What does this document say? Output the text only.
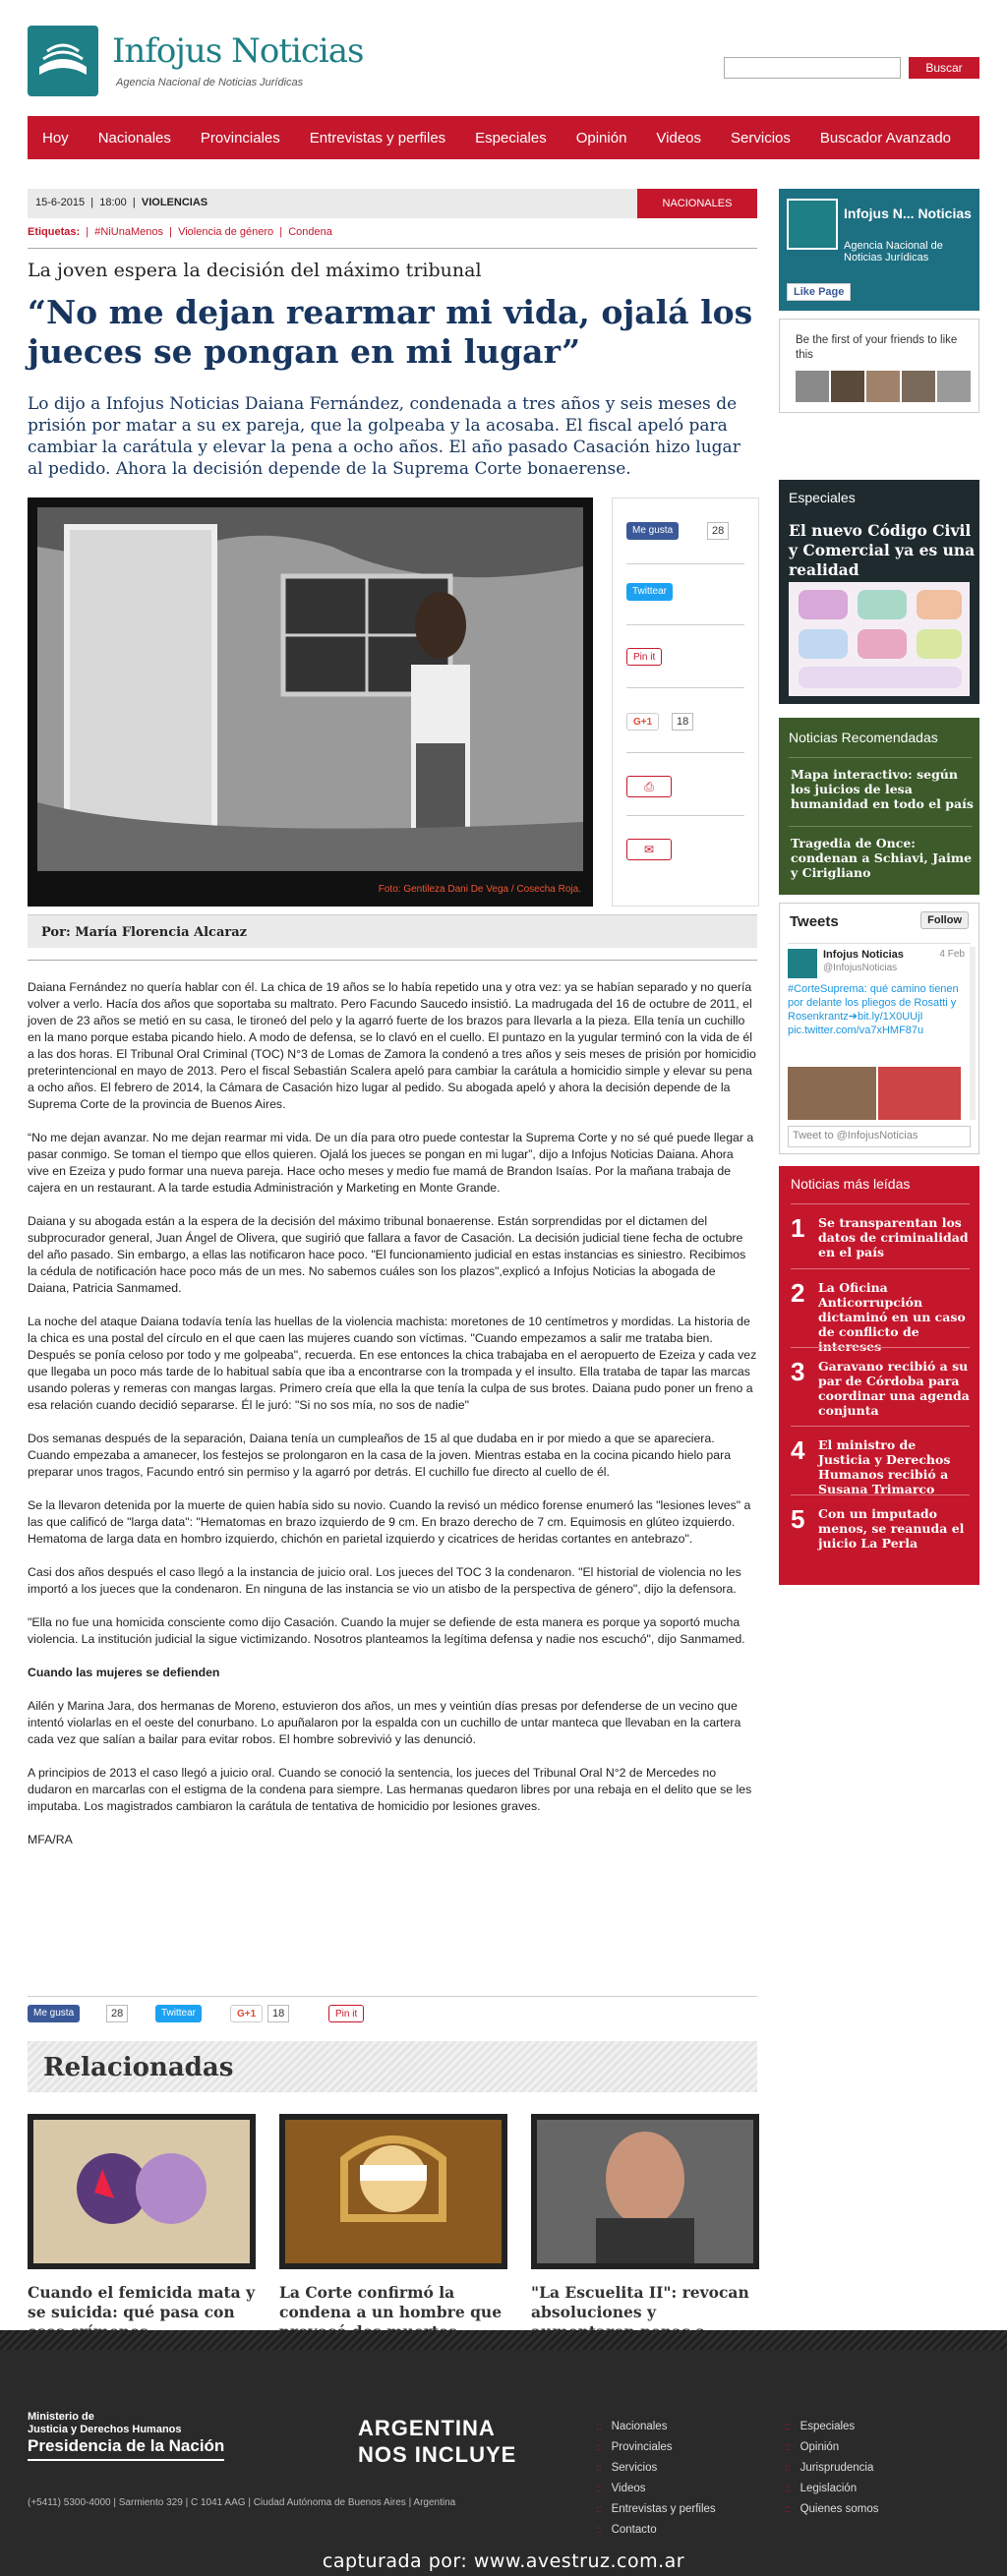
Infojus Noticias
Agencia Nacional de Noticias Jurídicas
Buscar
Hoy	Nacionales	Provinciales	Entrevistas y perfiles	Especiales	Opinión	Videos	Servicios	Buscador Avanzado
15-6-2015  |  18:00  |  VIOLENCIAS	NACIONALES
Etiquetas:  |  #NiUnaMenos  |  Violencia de género  |  Condena
La joven espera la decisión del máximo tribunal
“No me dejan rearmar mi vida, ojalá los jueces se pongan en mi lugar”
Lo dijo a Infojus Noticias Daiana Fernández, condenada a tres años y seis meses de prisión por matar a su ex pareja, que la golpeaba y la acosaba. El fiscal apeló para cambiar la carátula y elevar la pena a ocho años. El año pasado Casación hizo lugar al pedido. Ahora la decisión depende de la Suprema Corte bonaerense.
Foto: Gentileza Dani De Vega / Cosecha Roja.
Me gusta	28
Twittear
Pin it
G+1	18
⎙
✉
Por: María Florencia Alcaraz

Daiana Fernández no quería hablar con él. La chica de 19 años se lo había repetido una y otra vez: ya se habían separado y no quería volver a verlo. Hacía dos años que soportaba su maltrato. Pero Facundo Saucedo insistió. La madrugada del 16 de octubre de 2011, el joven de 23 años se metió en su casa, le tironeó del pelo y la agarró fuerte de los brazos para llevarla a la pieza. Ella tenía un cuchillo en la mano porque estaba picando hielo. A modo de defensa, se lo clavó en el cuello. El puntazo en la yugular terminó con la vida de él a las dos horas. El Tribunal Oral Criminal (TOC) N°3 de Lomas de Zamora la condenó a tres años y seis meses de prisión por homicidio preterintencional en mayo de 2013. Pero el fiscal Sebastián Scalera apeló para cambiar la carátula a homicidio simple y elevar su pena a ocho años. El febrero de 2014, la Cámara de Casación hizo lugar al pedido. Su abogada apeló y ahora la decisión depende de la Suprema Corte de la provincia de Buenos Aires.

“No me dejan avanzar. No me dejan rearmar mi vida. De un día para otro puede contestar la Suprema Corte y no sé qué puede llegar a pasar conmigo. Se toman el tiempo que ellos quieren. Ojalá los jueces se pongan en mi lugar”, dijo a Infojus Noticias Daiana. Ahora vive en Ezeiza y pudo formar una nueva pareja. Hace ocho meses y medio fue mamá de Brandon Isaías. Por la mañana trabaja de cajera en un restaurant. A la tarde estudia Administración y Marketing en Monte Grande.

Daiana y su abogada están a la espera de la decisión del máximo tribunal bonaerense. Están sorprendidas por el dictamen del subprocurador general, Juan Ángel de Olivera, que sugirió que fallara a favor de Casación. La decisión judicial tiene fecha de octubre del año pasado. Sin embargo, a ellas las notificaron hace poco. "El funcionamiento judicial en estas instancias es siniestro. Recibimos la cédula de notificación hace poco más de un mes. No sabemos cuáles son los plazos",explicó a Infojus Noticias la abogada de Daiana, Patricia Sanmamed.

La noche del ataque Daiana todavía tenía las huellas de la violencia machista: moretones de 10 centímetros y mordidas. La historia de la chica es una postal del círculo en el que caen las mujeres cuando son víctimas. "Cuando empezamos a salir me trataba bien. Después se ponía celoso por todo y me golpeaba", recuerda. En ese entonces la chica trabajaba en el aeropuerto de Ezeiza y cada vez que llegaba un poco más tarde de lo habitual sabía que iba a encontrarse con la trompada y el insulto. Ella trataba de tapar las marcas usando poleras y remeras con mangas largas. Primero creía que ella la que tenía la culpa de sus brotes. Daiana pudo poner un freno a esa relación cuando decidió separarse. Él le juró: "Si no sos mía, no sos de nadie"

Dos semanas después de la separación, Daiana tenía un cumpleaños de 15 al que dudaba en ir por miedo a que se apareciera. Cuando empezaba a amanecer, los festejos se prolongaron en la casa de la joven. Mientras estaba en la cocina picando hielo para preparar unos tragos, Facundo entró sin permiso y la agarró por detrás. El cuchillo fue directo al cuello de él.

Se la llevaron detenida por la muerte de quien había sido su novio. Cuando la revisó un médico forense enumeró las "lesiones leves" a las que calificó de "larga data": "Hematomas en brazo izquierdo de 9 cm. En brazo derecho de 7 cm. Equimosis en glúteo izquierdo. Hematoma de larga data en hombro izquierdo, chichón en parietal izquierdo y cicatrices de heridas cortantes en antebrazo".

Casi dos años después el caso llegó a la instancia de juicio oral. Los jueces del TOC 3 la condenaron. "El historial de violencia no les importó a los jueces que la condenaron. En ninguna de las instancia se vio un atisbo de la perspectiva de género", dijo la defensora.

"Ella no fue una homicida consciente como dijo Casación. Cuando la mujer se defiende de esta manera es porque ya soportó mucha violencia. La institución judicial la sigue victimizando. Nosotros planteamos la legítima defensa y nadie nos escuchó", dijo Sanmamed.

Cuando las mujeres se defienden

Ailén y Marina Jara, dos hermanas de Moreno, estuvieron dos años, un mes y veintiún días presas por defenderse de un vecino que intentó violarlas en el oeste del conurbano. Lo apuñalaron por la espalda con un cuchillo de untar manteca que llevaban en la cartera cada vez que salían a bailar para evitar robos. El hombre sobrevivió y las denunció.

A principios de 2013 el caso llegó a juicio oral. Cuando se conoció la sentencia, los jueces del Tribunal Oral N°2 de Mercedes no dudaron en marcarlas con el estigma de la condena para siempre. Las hermanas quedaron libres por una rebaja en el delito que se les imputaba. Los magistrados cambiaron la carátula de tentativa de homicidio por lesiones graves.

MFA/RA

Me gusta	28	Twittear	G+1	18	Pin it
Relacionadas
Cuando el femicida mata y se suicida: qué pasa con
La Corte confirmó la condena a un hombre que
"La Escuelita II": revocan absoluciones y
Infojus N... Noticias
Agencia Nacional de Noticias Jurídicas
Like Page
Be the first of your friends to like this
Especiales
El nuevo Código Civil y Comercial ya es una realidad
Noticias Recomendadas
Mapa interactivo: según los juicios de lesa humanidad en todo el país
Tragedia de Once: condenan a Schiavi, Jaime y Cirigliano
Tweets	Follow
Infojus Noticias
@InfojusNoticias
4 Feb
#CorteSuprema: qué camino tienen por delante los pliegos de Rosatti y Rosenkrantz➔bit.ly/1X0UUjI pic.twitter.com/va7xHMF87u
Tweet to @InfojusNoticias
Noticias más leídas
1 Se transparentan los datos de criminalidad en el país
2 La Oficina Anticorrupción dictaminó en un caso de conflicto de intereses
3 Garavano recibió a su par de Córdoba para coordinar una agenda conjunta
4 El ministro de Justicia y Derechos Humanos recibió a Susana Trimarco
5 Con un imputado menos, se reanuda el juicio La Perla
Ministerio de
Justicia y Derechos Humanos
Presidencia de la Nación
ARGENTINA
NOS INCLUYE
(+5411) 5300-4000 | Sarmiento 329 | C 1041 AAG | Ciudad Autónoma de Buenos Aires | Argentina
:: Nacionales
:: Provinciales
:: Servicios
:: Videos
:: Entrevistas y perfiles
:: Contacto
:: Especiales
:: Opinión
:: Jurisprudencia
:: Legislación
:: Quienes somos
capturada por: www.avestruz.com.ar
